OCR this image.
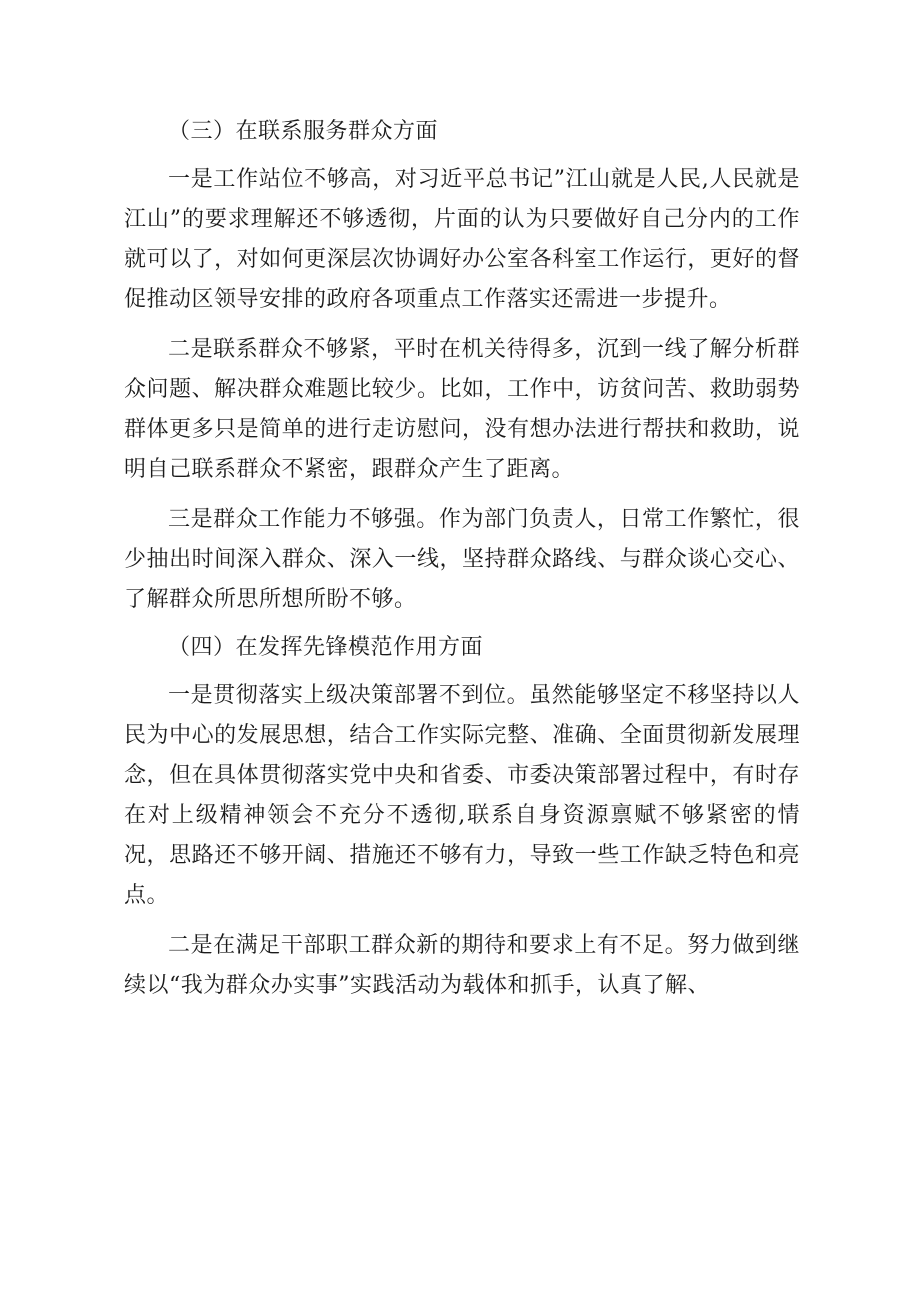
（三）在联系服务群众方面

一是工作站位不够高，对习近平总书记”江山就是人民,人民就是江山”的要求理解还不够透彻，片面的认为只要做好自己分内的工作就可以了，对如何更深层次协调好办公室各科室工作运行，更好的督促推动区领导安排的政府各项重点工作落实还需进一步提升。

二是联系群众不够紧，平时在机关待得多，沉到一线了解分析群众问题、解决群众难题比较少。比如，工作中，访贫问苦、救助弱势群体更多只是简单的进行走访慰问，没有想办法进行帮扶和救助，说明自己联系群众不紧密，跟群众产生了距离。

三是群众工作能力不够强。作为部门负责人，日常工作繁忙，很少抽出时间深入群众、深入一线，坚持群众路线、与群众谈心交心、了解群众所思所想所盼不够。

（四）在发挥先锋模范作用方面

一是贯彻落实上级决策部署不到位。虽然能够坚定不移坚持以人民为中心的发展思想，结合工作实际完整、准确、全面贯彻新发展理念，但在具体贯彻落实党中央和省委、市委决策部署过程中，有时存在对上级精神领会不充分不透彻,联系自身资源禀赋不够紧密的情况，思路还不够开阔、措施还不够有力，导致一些工作缺乏特色和亮点。

二是在满足干部职工群众新的期待和要求上有不足。努力做到继续以“我为群众办实事”实践活动为载体和抓手，认真了解、
